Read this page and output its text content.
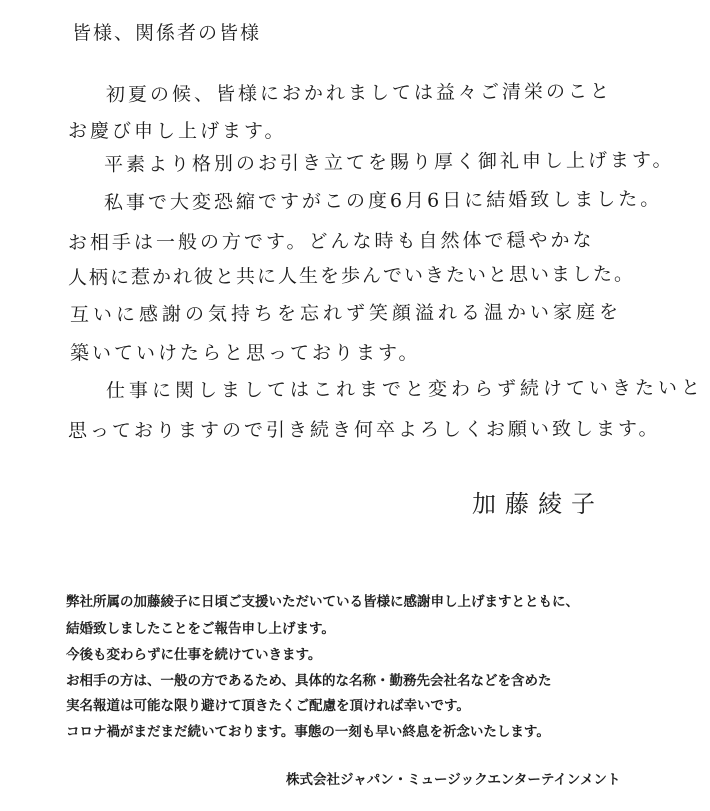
皆様、関係者の皆様
初夏の候、皆様におかれましては益々ご清栄のこと
お慶び申し上げます。
平素より格別のお引き立てを賜り厚く御礼申し上げます。
私事で大変恐縮ですがこの度6月6日に結婚致しました。
お相手は一般の方です。どんな時も自然体で穏やかな
人柄に惹かれ彼と共に人生を歩んでいきたいと思いました。
互いに感謝の気持ちを忘れず笑顔溢れる温かい家庭を
築いていけたらと思っております。
仕事に関しましてはこれまでと変わらず続けていきたいと
思っておりますので引き続き何卒よろしくお願い致します。
加藤綾子
弊社所属の加藤綾子に日頃ご支援いただいている皆様に感謝申し上げますとともに、
結婚致しましたことをご報告申し上げます。
今後も変わらずに仕事を続けていきます。
お相手の方は、一般の方であるため、具体的な名称・勤務先会社名などを含めた
実名報道は可能な限り避けて頂きたくご配慮を頂ければ幸いです。
コロナ禍がまだまだ続いております。事態の一刻も早い終息を祈念いたします。
株式会社ジャパン・ミュージックエンターテインメント
